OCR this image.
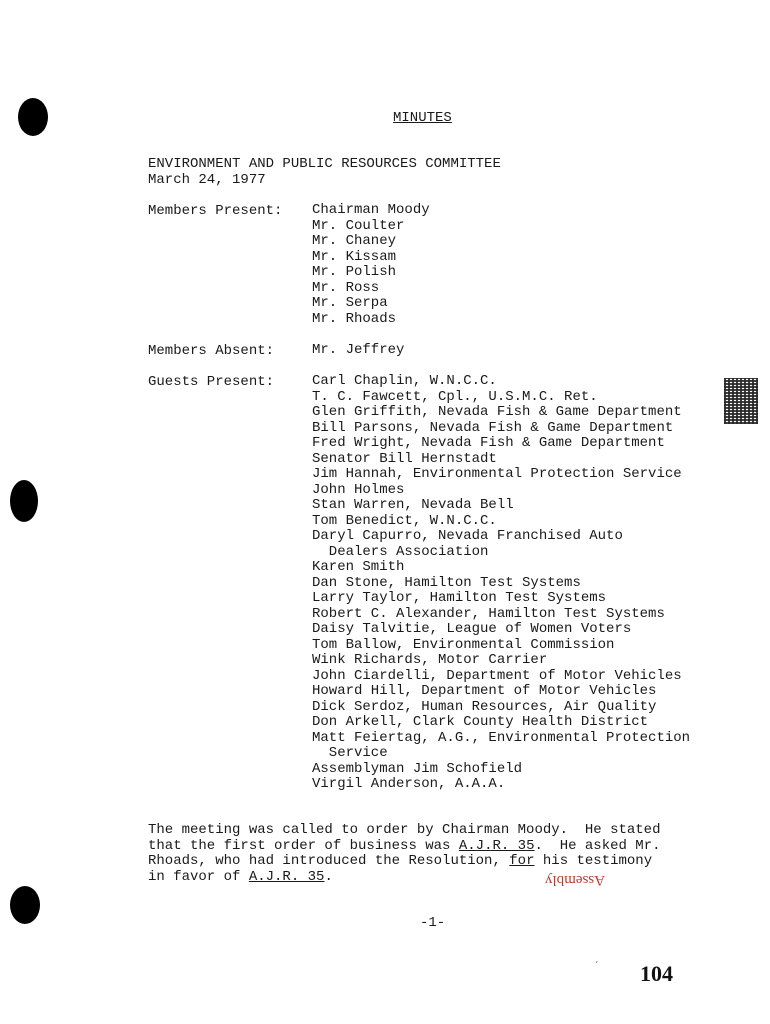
MINUTES
ENVIRONMENT AND PUBLIC RESOURCES COMMITTEE
March 24, 1977
Members Present: Chairman Moody
Mr. Coulter
Mr. Chaney
Mr. Kissam
Mr. Polish
Mr. Ross
Mr. Serpa
Mr. Rhoads
Members Absent:	Mr. Jeffrey
Guests Present:	Carl Chaplin, W.N.C.C.
T. C. Fawcett, Cpl., U.S.M.C. Ret.
Glen Griffith, Nevada Fish & Game Department
Bill Parsons, Nevada Fish & Game Department
Fred Wright, Nevada Fish & Game Department
Senator Bill Hernstadt
Jim Hannah, Environmental Protection Service
John Holmes
Stan Warren, Nevada Bell
Tom Benedict, W.N.C.C.
Daryl Capurro, Nevada Franchised Auto
Dealers Association
Karen Smith
Dan Stone, Hamilton Test Systems
Larry Taylor, Hamilton Test Systems
Robert C. Alexander, Hamilton Test Systems
Daisy Talvitie, League of Women Voters
Tom Ballow, Environmental Commission
Wink Richards, Motor Carrier
John Ciardelli, Department of Motor Vehicles
Howard Hill, Department of Motor Vehicles
Dick Serdoz, Human Resources, Air Quality
Don Arkell, Clark County Health District
Matt Feiertag, A.G., Environmental Protection
Service
Assemblyman Jim Schofield
Virgil Anderson, A.A.A.
The meeting was called to order by Chairman Moody.  He stated
that the first order of business was A.J.R. 35.  He asked Mr.
Rhoads, who had introduced the Resolution, for his testimony
in favor of A.J.R. 35.	Assembly
-1-
104
